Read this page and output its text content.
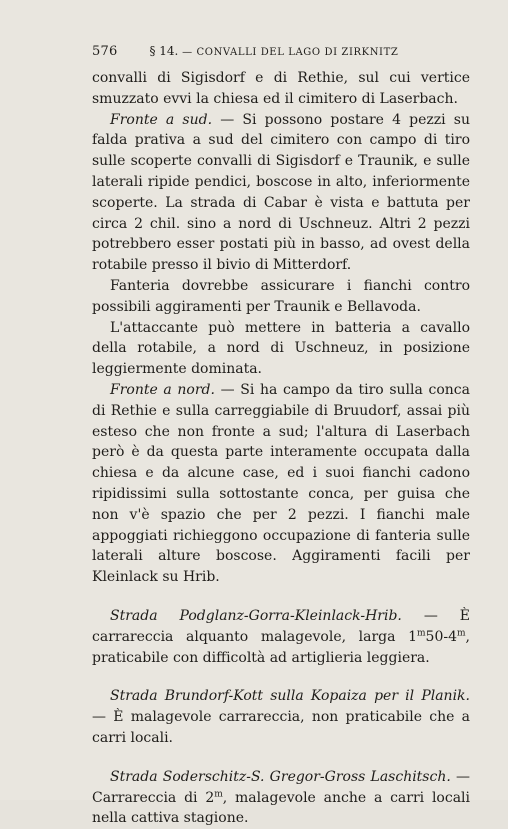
576	§ 14. — CONVALLI DEL LAGO DI ZIRKNITZ

convalli di Sigisdorf e di Rethie, sul cui vertice smuzzato evvi la chiesa ed il cimitero di Laserbach.

Fronte a sud. — Si possono postare 4 pezzi su falda prativa a sud del cimitero con campo di tiro sulle scoperte convalli di Sigisdorf e Traunik, e sulle laterali ripide pendici, boscose in alto, inferiormente scoperte. La strada di Cabar è vista e battuta per circa 2 chil. sino a nord di Uschneuz. Altri 2 pezzi potrebbero esser postati più in basso, ad ovest della rotabile presso il bivio di Mitterdorf.

Fanteria dovrebbe assicurare i fianchi contro possibili aggiramenti per Traunik e Bellavoda.

L'attaccante può mettere in batteria a cavallo della rotabile, a nord di Uschneuz, in posizione leggiermente dominata.

Fronte a nord. — Si ha campo da tiro sulla conca di Rethie e sulla carreggiabile di Bruudorf, assai più esteso che non fronte a sud; l'altura di Laserbach però è da questa parte interamente occupata dalla chiesa e da alcune case, ed i suoi fianchi cadono ripidissimi sulla sottostante conca, per guisa che non v'è spazio che per 2 pezzi. I fianchi male appoggiati richieggono occupazione di fanteria sulle laterali alture boscose. Aggiramenti facili per Kleinlack su Hrib.

Strada Podglanz-Gorra-Kleinlack-Hrib. — È carrareccia alquanto malagevole, larga 1$^m$50-4$^m$, praticabile con difficoltà ad artiglieria leggiera.

Strada Brundorf-Kott sulla Kopaiza per il Planik. — È malagevole carrareccia, non praticabile che a carri locali.

Strada Soderschitz-S. Gregor-Gross Laschitsch. — Carrareccia di 2$^m$, malagevole anche a carri locali nella cattiva stagione.
